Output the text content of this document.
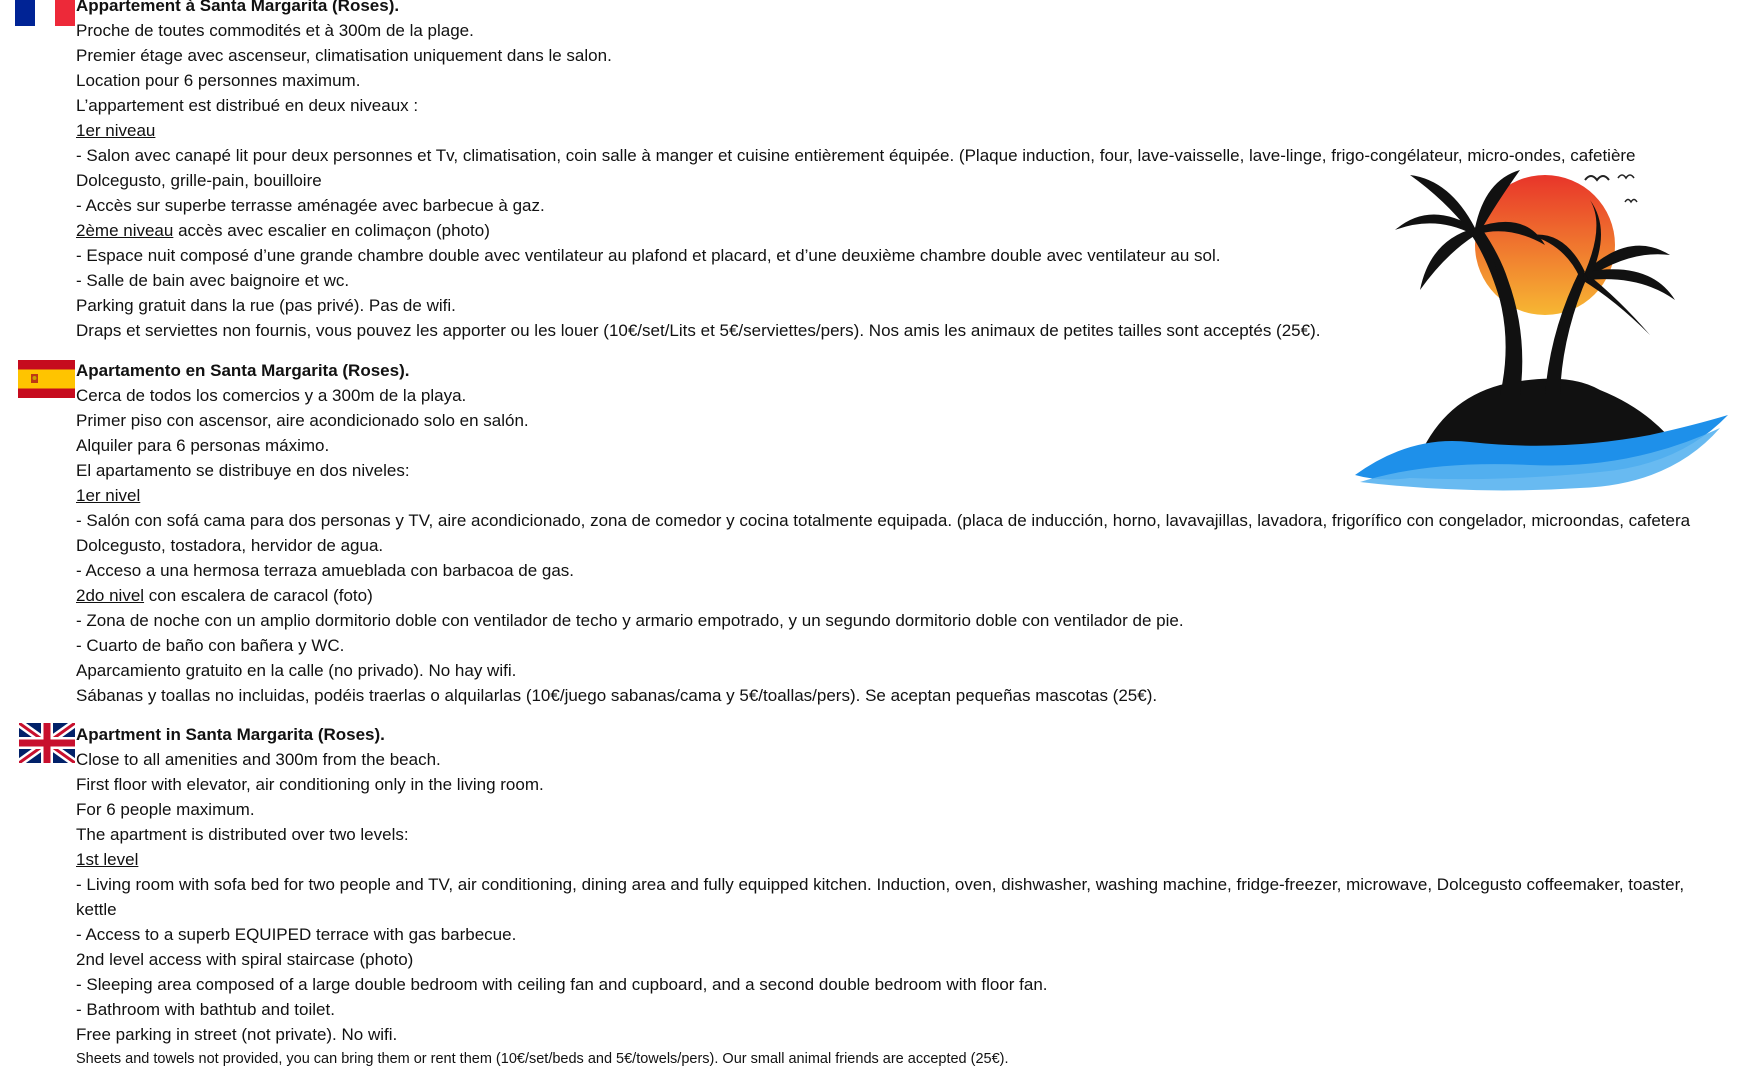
Appartement à Santa Margarita (Roses).
Proche de toutes commodités et à 300m de la plage.
Premier étage avec ascenseur, climatisation uniquement dans le salon.
Location pour 6 personnes maximum.
L’appartement est distribué en deux niveaux :
1er niveau
- Salon avec canapé lit pour deux personnes et Tv, climatisation, coin salle à manger et cuisine entièrement équipée. (Plaque induction, four, lave-vaisselle, lave-linge, frigo-congélateur, micro-ondes, cafetière Dolcegusto, grille-pain, bouilloire
- Accès sur superbe terrasse aménagée avec barbecue à gaz.
2ème niveau accès avec escalier en colimaçon (photo)
- Espace nuit composé d’une grande chambre double avec ventilateur au plafond et placard, et d’une deuxième chambre double avec ventilateur au sol.
- Salle de bain avec baignoire et wc.
Parking gratuit dans la rue (pas privé). Pas de wifi.
Draps et serviettes non fournis, vous pouvez les apporter ou les louer (10€/set/Lits et 5€/serviettes/pers). Nos amis les animaux de petites tailles sont acceptés (25€).
Apartamento en Santa Margarita (Roses).
Cerca de todos los comercios y a 300m de la playa.
Primer piso con ascensor, aire acondicionado solo en salón.
Alquiler para 6 personas máximo.
El apartamento se distribuye en dos niveles:
1er nivel
- Salón con sofá cama para dos personas y TV, aire acondicionado, zona de comedor y cocina totalmente equipada. (placa de inducción, horno, lavavajillas, lavadora, frigorífico con congelador, microondas, cafetera Dolcegusto, tostadora, hervidor de agua.
- Acceso a una hermosa terraza amueblada con barbacoa de gas.
2do nivel con escalera de caracol (foto)
- Zona de noche con un amplio dormitorio doble con ventilador de techo y armario empotrado, y un segundo dormitorio doble con ventilador de pie.
- Cuarto de baño con bañera y WC.
Aparcamiento gratuito en la calle (no privado). No hay wifi.
Sábanas y toallas no incluidas, podéis traerlas o alquilarlas (10€/juego sabanas/cama y 5€/toallas/pers). Se aceptan pequeñas mascotas (25€).
Apartment in Santa Margarita (Roses).
Close to all amenities and 300m from the beach.
First floor with elevator, air conditioning only in the living room.
For 6 people maximum.
The apartment is distributed over two levels:
1st level
- Living room with sofa bed for two people and TV, air conditioning, dining area and fully equipped kitchen. Induction, oven, dishwasher, washing machine, fridge-freezer, microwave, Dolcegusto coffeemaker, toaster, kettle
- Access to a superb EQUIPED terrace with gas barbecue.
2nd level access with spiral staircase (photo)
- Sleeping area composed of a large double bedroom with ceiling fan and cupboard, and a second double bedroom with floor fan.
- Bathroom with bathtub and toilet.
Free parking in street (not private). No wifi.
Sheets and towels not provided, you can bring them or rent them (10€/set/beds and 5€/towels/pers). Our small animal friends are accepted (25€).
